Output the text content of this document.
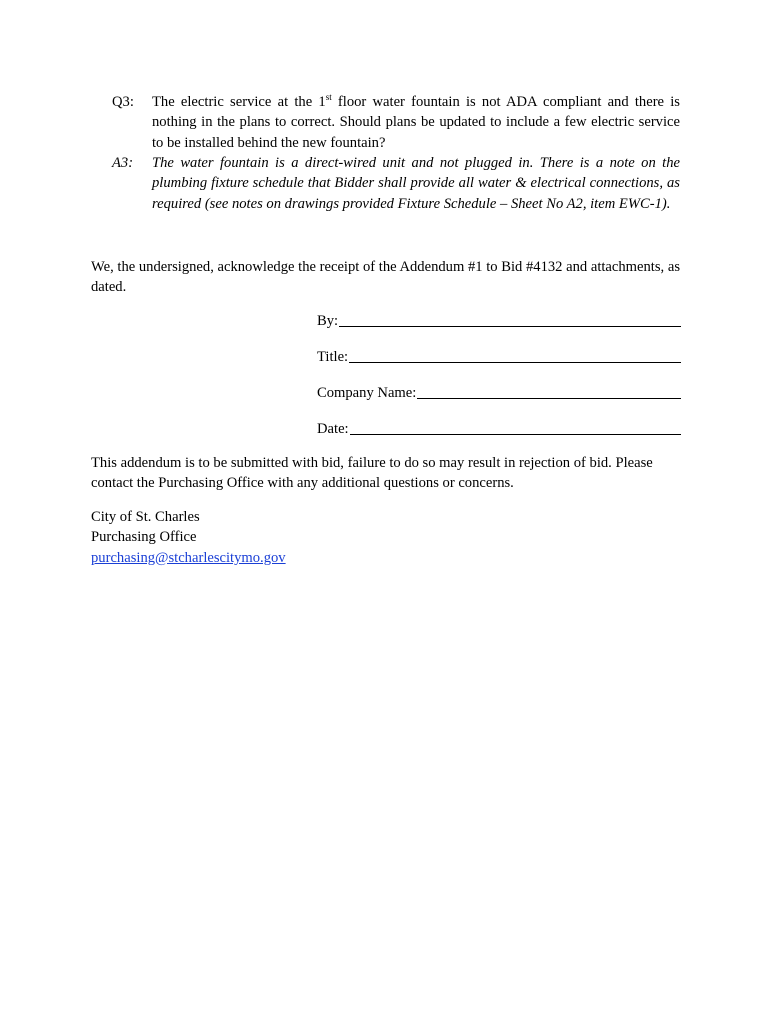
Q3:	The electric service at the 1st floor water fountain is not ADA compliant and there is nothing in the plans to correct. Should plans be updated to include a few electric service to be installed behind the new fountain?
A3:	The water fountain is a direct-wired unit and not plugged in. There is a note on the plumbing fixture schedule that Bidder shall provide all water & electrical connections, as required (see notes on drawings provided Fixture Schedule – Sheet No A2, item EWC-1).
We, the undersigned, acknowledge the receipt of the Addendum #1 to Bid #4132 and attachments, as dated.
By:
Title:
Company Name:
Date:
This addendum is to be submitted with bid, failure to do so may result in rejection of bid. Please contact the Purchasing Office with any additional questions or concerns.
City of St. Charles
Purchasing Office
purchasing@stcharlescitymo.gov
